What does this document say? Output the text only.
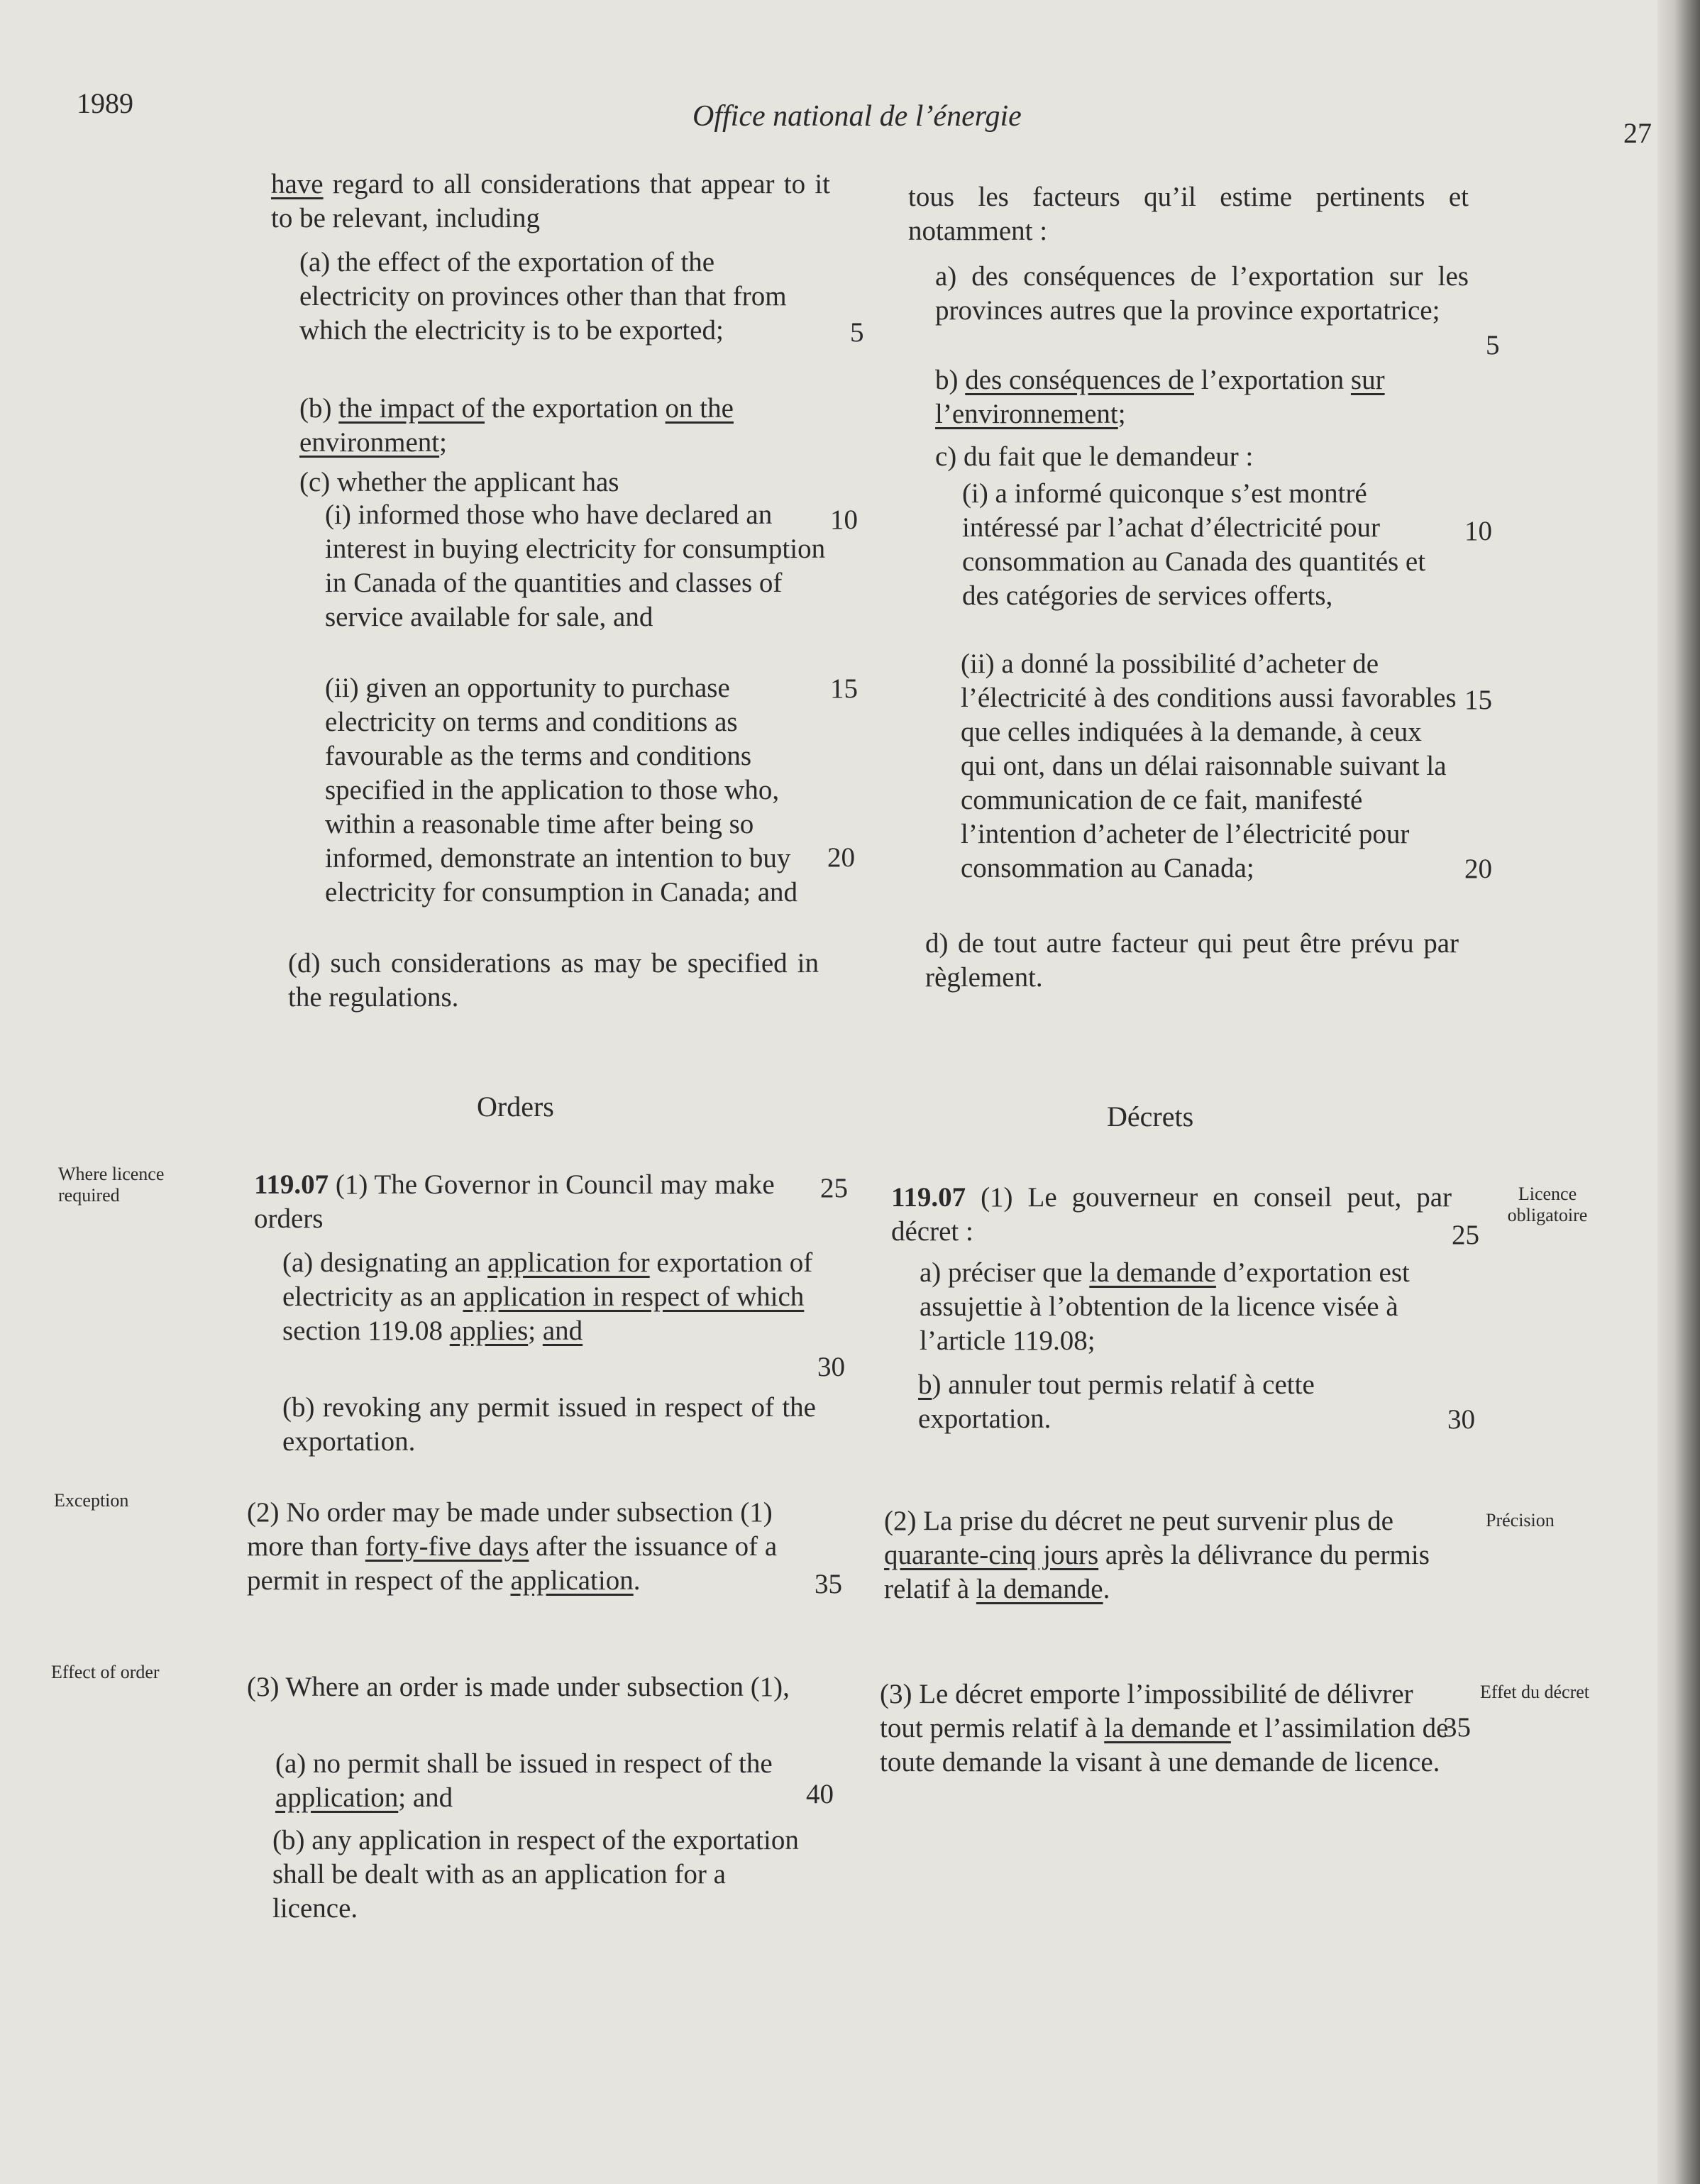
1989	Office national de l’énergie
27
Where licence required
Exception
Effect of order
Licence obligatoire
Précision
Effet du décret

have regard to all considerations that appear to it to be relevant, including

(a) the effect of the exportation of the electricity on provinces other than that from which the electricity is to be exported;

(b) the impact of the exportation on the environment;

(c) whether the applicant has

(i) informed those who have declared an interest in buying electricity for consumption in Canada of the quantities and classes of service available for sale, and

(ii) given an opportunity to purchase electricity on terms and conditions as favourable as the terms and conditions specified in the application to those who, within a reasonable time after being so informed, demonstrate an intention to buy electricity for consumption in Canada; and

(d) such considerations as may be specified in the regulations.

Orders

119.07 (1) The Governor in Council may make orders

(a) designating an application for exportation of electricity as an application in respect of which section 119.08 applies; and

(b) revoking any permit issued in respect of the exportation.

(2) No order may be made under subsection (1) more than forty-five days after the issuance of a permit in respect of the application.

(3) Where an order is made under subsection (1),

(a) no permit shall be issued in respect of the application; and

(b) any application in respect of the exportation shall be dealt with as an application for a licence.

5
10
15
20
25
30
35
40

tous les facteurs qu’il estime pertinents et notamment :

a) des conséquences de l’exportation sur les provinces autres que la province exportatrice;

b) des conséquences de l’exportation sur l’environnement;

c) du fait que le demandeur :

(i) a informé quiconque s’est montré intéressé par l’achat d’électricité pour consommation au Canada des quantités et des catégories de services offerts,

(ii) a donné la possibilité d’acheter de l’électricité à des conditions aussi favorables que celles indiquées à la demande, à ceux qui ont, dans un délai raisonnable suivant la communication de ce fait, manifesté l’intention d’acheter de l’électricité pour consommation au Canada;

d) de tout autre facteur qui peut être prévu par règlement.

Décrets

119.07 (1) Le gouverneur en conseil peut, par décret :

a) préciser que la demande d’exportation est assujettie à l’obtention de la licence visée à l’article 119.08;

b) annuler tout permis relatif à cette exportation.

(2) La prise du décret ne peut survenir plus de quarante-cinq jours après la délivrance du permis relatif à la demande.

(3) Le décret emporte l’impossibilité de délivrer tout permis relatif à la demande et l’assimilation de toute demande la visant à une demande de licence.

5
10
15
20
25
30
35
